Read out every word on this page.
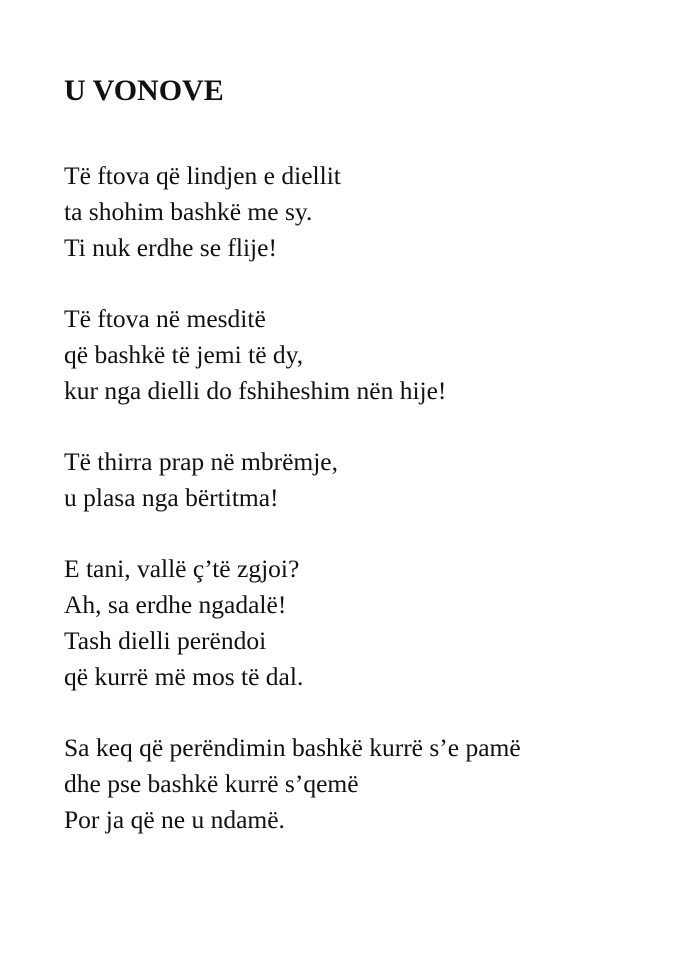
U VONOVE
Të ftova që lindjen e diellit
ta shohim bashkë me sy.
Ti nuk erdhe se flije!
Të ftova në mesditë
që bashkë të jemi të dy,
kur nga dielli do fshiheshim nën hije!
Të thirra prap në mbrëmje,
u plasa nga bërtitma!
E tani, vallë ç’të zgjoi?
Ah, sa erdhe ngadalë!
Tash dielli perëndoi
që kurrë më mos të dal.
Sa keq që perëndimin bashkë kurrë s’e pamë
dhe pse bashkë kurrë s’qemë
Por ja që ne u ndamë.
